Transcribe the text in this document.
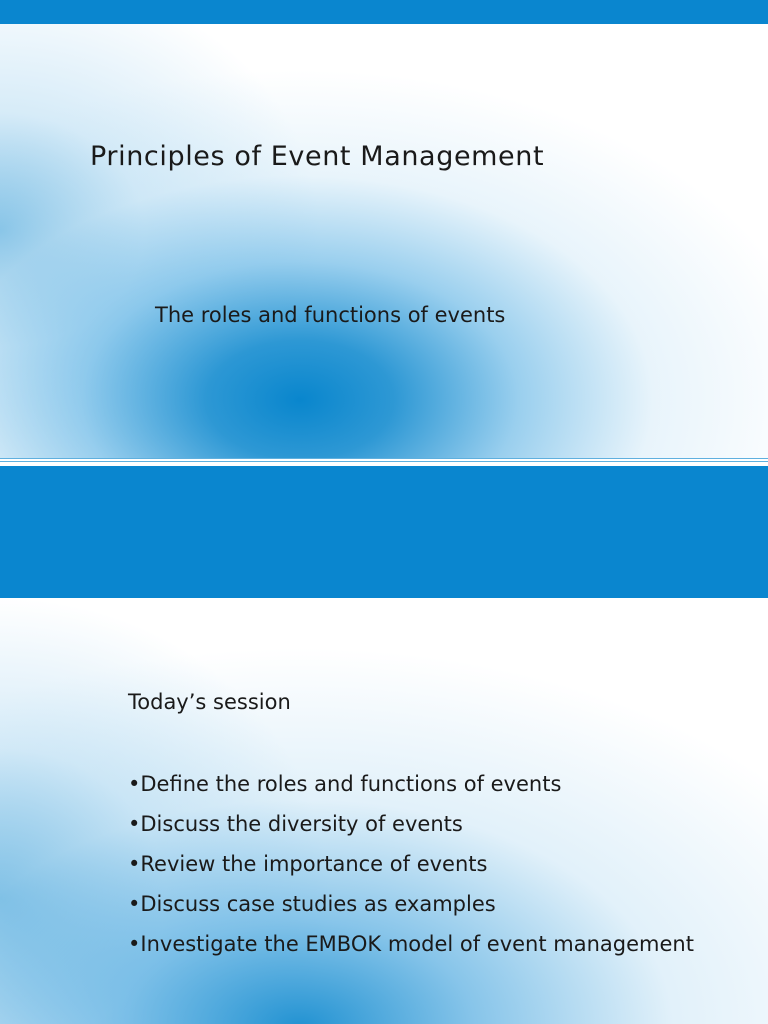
Principles of Event Management
The roles and functions of events
Today’s session
•Define the roles and functions of events
•Discuss the diversity of events
•Review the importance of events
•Discuss case studies as examples
•Investigate the EMBOK model of event management
